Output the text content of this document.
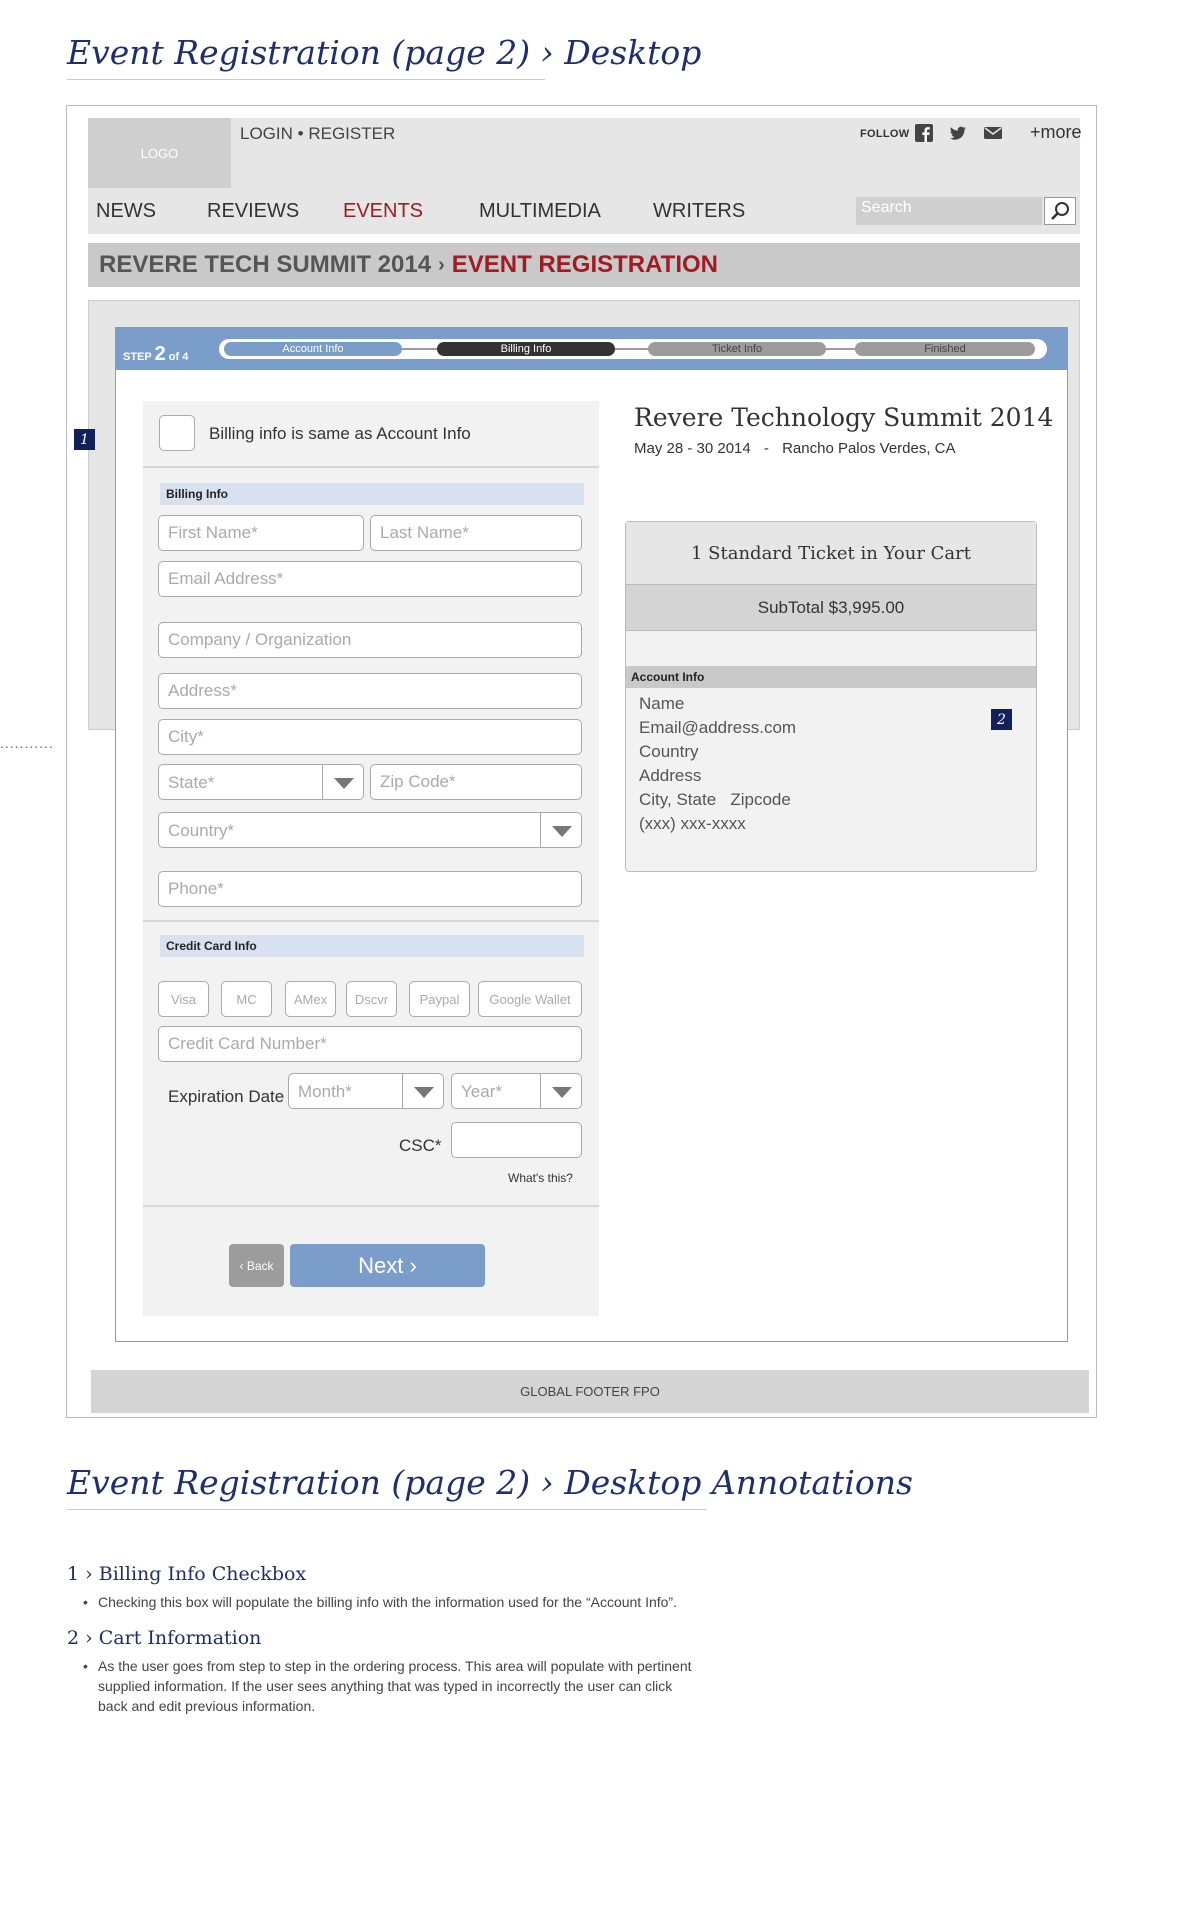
Event Registration (page 2) › Desktop
LOGO
LOGIN • REGISTER	FOLLOW	+more
NEWS	REVIEWS EVENTS	MULTIMEDIA	WRITERS
Search
REVERE TECH SUMMIT 2014 › EVENT REGISTRATION
STEP 2 of 4
Account Info	Billing Info	Ticket Info	Finished
Billing info is same as Account Info
Billing Info
First Name*
Last Name*
Email Address*
Company / Organization
Address*
City*
State*
Zip Code*
Country*
Phone*
Credit Card Info
Visa	MC	AMex	Dscvr	Paypal	Google Wallet
Credit Card Number*
Expiration Date Month*	Year*
CSC*
What's this?
‹ Back	Next ›
Revere Technology Summit 2014
May 28 - 30 2014 - Rancho Palos Verdes, CA
1 Standard Ticket in Your Cart
SubTotal $3,995.00
Account Info
Name
Email@address.com
Country
Address
City, State   Zipcode
(xxx) xxx-xxxx
1
2
...........
GLOBAL FOOTER FPO
Event Registration (page 2) › Desktop Annotations
1 › Billing Info Checkbox
• Checking this box will populate the billing info with the information used for the “Account Info”.
2 › Cart Information
• As the user goes from step to step in the ordering process. This area will populate with pertinent supplied information. If the user sees anything that was typed in incorrectly the user can click back and edit previous information.
